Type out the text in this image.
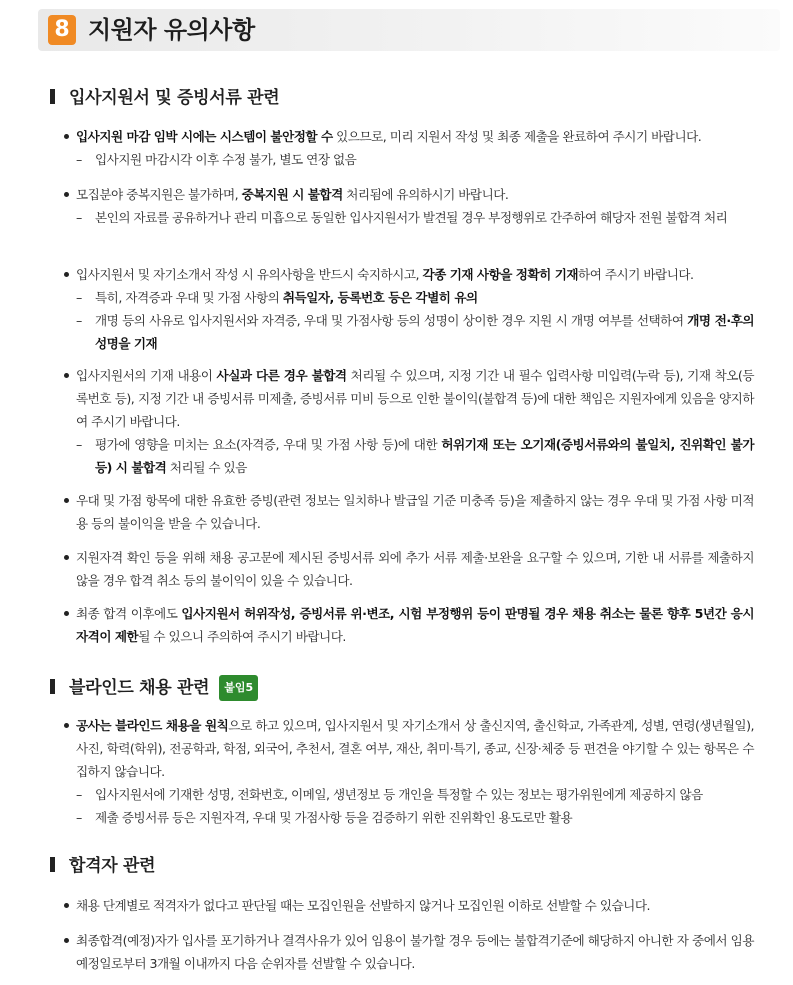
8 지원자 유의사항
입사지원서 및 증빙서류 관련
입사지원 마감 임박 시에는 시스템이 불안정할 수 있으므로, 미리 지원서 작성 및 최종 제출을 완료하여 주시기 바랍니다.
– 입사지원 마감시각 이후 수정 불가, 별도 연장 없음
모집분야 중복지원은 불가하며, 중복지원 시 불합격 처리됨에 유의하시기 바랍니다.
– 본인의 자료를 공유하거나 관리 미흡으로 동일한 입사지원서가 발견될 경우 부정행위로 간주하여 해당자 전원 불합격 처리
입사지원서 및 자기소개서 작성 시 유의사항을 반드시 숙지하시고, 각종 기재 사항을 정확히 기재하여 주시기 바랍니다.
– 특히, 자격증과 우대 및 가점 사항의 취득일자, 등록번호 등은 각별히 유의
– 개명 등의 사유로 입사지원서와 자격증, 우대 및 가점사항 등의 성명이 상이한 경우 지원 시 개명 여부를 선택하여 개명 전·후의 성명을 기재
입사지원서의 기재 내용이 사실과 다른 경우 불합격 처리될 수 있으며, 지정 기간 내 필수 입력사항 미입력(누락 등), 기재 착오(등록번호 등), 지정 기간 내 증빙서류 미제출, 증빙서류 미비 등으로 인한 불이익(불합격 등)에 대한 책임은 지원자에게 있음을 양지하여 주시기 바랍니다.
– 평가에 영향을 미치는 요소(자격증, 우대 및 가점 사항 등)에 대한 허위기재 또는 오기재(증빙서류와의 불일치, 진위확인 불가 등) 시 불합격 처리될 수 있음
우대 및 가점 항목에 대한 유효한 증빙(관련 정보는 일치하나 발급일 기준 미충족 등)을 제출하지 않는 경우 우대 및 가점 사항 미적용 등의 불이익을 받을 수 있습니다.
지원자격 확인 등을 위해 채용 공고문에 제시된 증빙서류 외에 추가 서류 제출·보완을 요구할 수 있으며, 기한 내 서류를 제출하지 않을 경우 합격 취소 등의 불이익이 있을 수 있습니다.
최종 합격 이후에도 입사지원서 허위작성, 증빙서류 위·변조, 시험 부정행위 등이 판명될 경우 채용 취소는 물론 향후 5년간 응시자격이 제한될 수 있으니 주의하여 주시기 바랍니다.
블라인드 채용 관련 붙임5
공사는 블라인드 채용을 원칙으로 하고 있으며, 입사지원서 및 자기소개서 상 출신지역, 출신학교, 가족관계, 성별, 연령(생년월일), 사진, 학력(학위), 전공학과, 학점, 외국어, 추천서, 결혼 여부, 재산, 취미·특기, 종교, 신장·체중 등 편견을 야기할 수 있는 항목은 수집하지 않습니다.
– 입사지원서에 기재한 성명, 전화번호, 이메일, 생년정보 등 개인을 특정할 수 있는 정보는 평가위원에게 제공하지 않음
– 제출 증빙서류 등은 지원자격, 우대 및 가점사항 등을 검증하기 위한 진위확인 용도로만 활용
합격자 관련
채용 단계별로 적격자가 없다고 판단될 때는 모집인원을 선발하지 않거나 모집인원 이하로 선발할 수 있습니다.
최종합격(예정)자가 입사를 포기하거나 결격사유가 있어 임용이 불가할 경우 등에는 불합격기준에 해당하지 아니한 자 중에서 임용예정일로부터 3개월 이내까지 다음 순위자를 선발할 수 있습니다.
